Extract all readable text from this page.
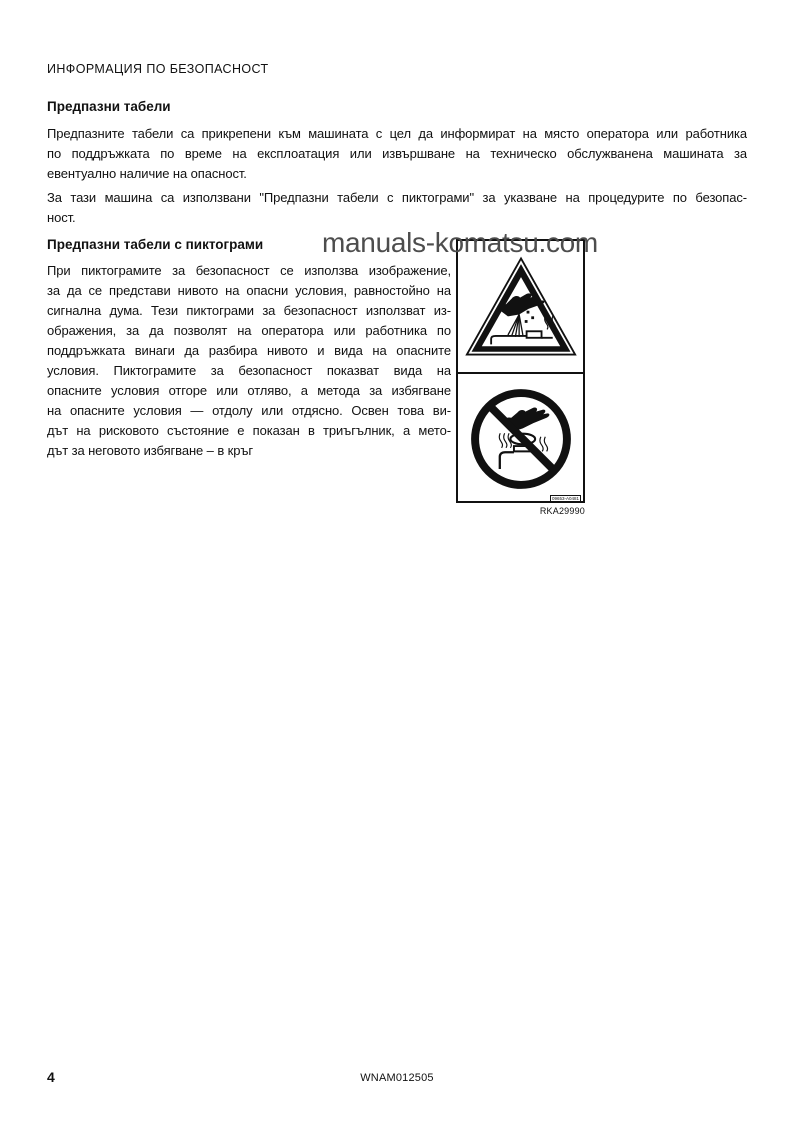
ИНФОРМАЦИЯ ПО БЕЗОПАСНОСТ
Предпазни табели
Предпазните табели са прикрепени към машината с цел да информират на място оператора или работника
по поддръжката по време на експлоатация или извършване на техническо обслужванена машината за
евентуално наличие на опасност.
За тази машина са използвани "Предпазни табели с пиктограми" за указване на процедурите по безопас-
ност.
Предпазни табели с пиктограми
При пиктограмите за безопасност се използва изображение,
за да се представи нивото на опасни условия, равностойно на
сигнална дума. Тези пиктограми за безопасност използват из-
ображения, за да позволят на оператора или работника по
поддръжката винаги да разбира нивото и вида на опасните
условия. Пиктограмите за безопасност показват вида на
опасните условия отгоре или отляво, а метода за избягване
на опасните условия — отдолу или отдясно. Освен това ви-
дът на рисковото състояние е показан в триъгълник, а мето-
дът за неговото избягване – в кръг
manuals-komatsu.com
09653-A0481
RKA29990
4	WNAM012505
